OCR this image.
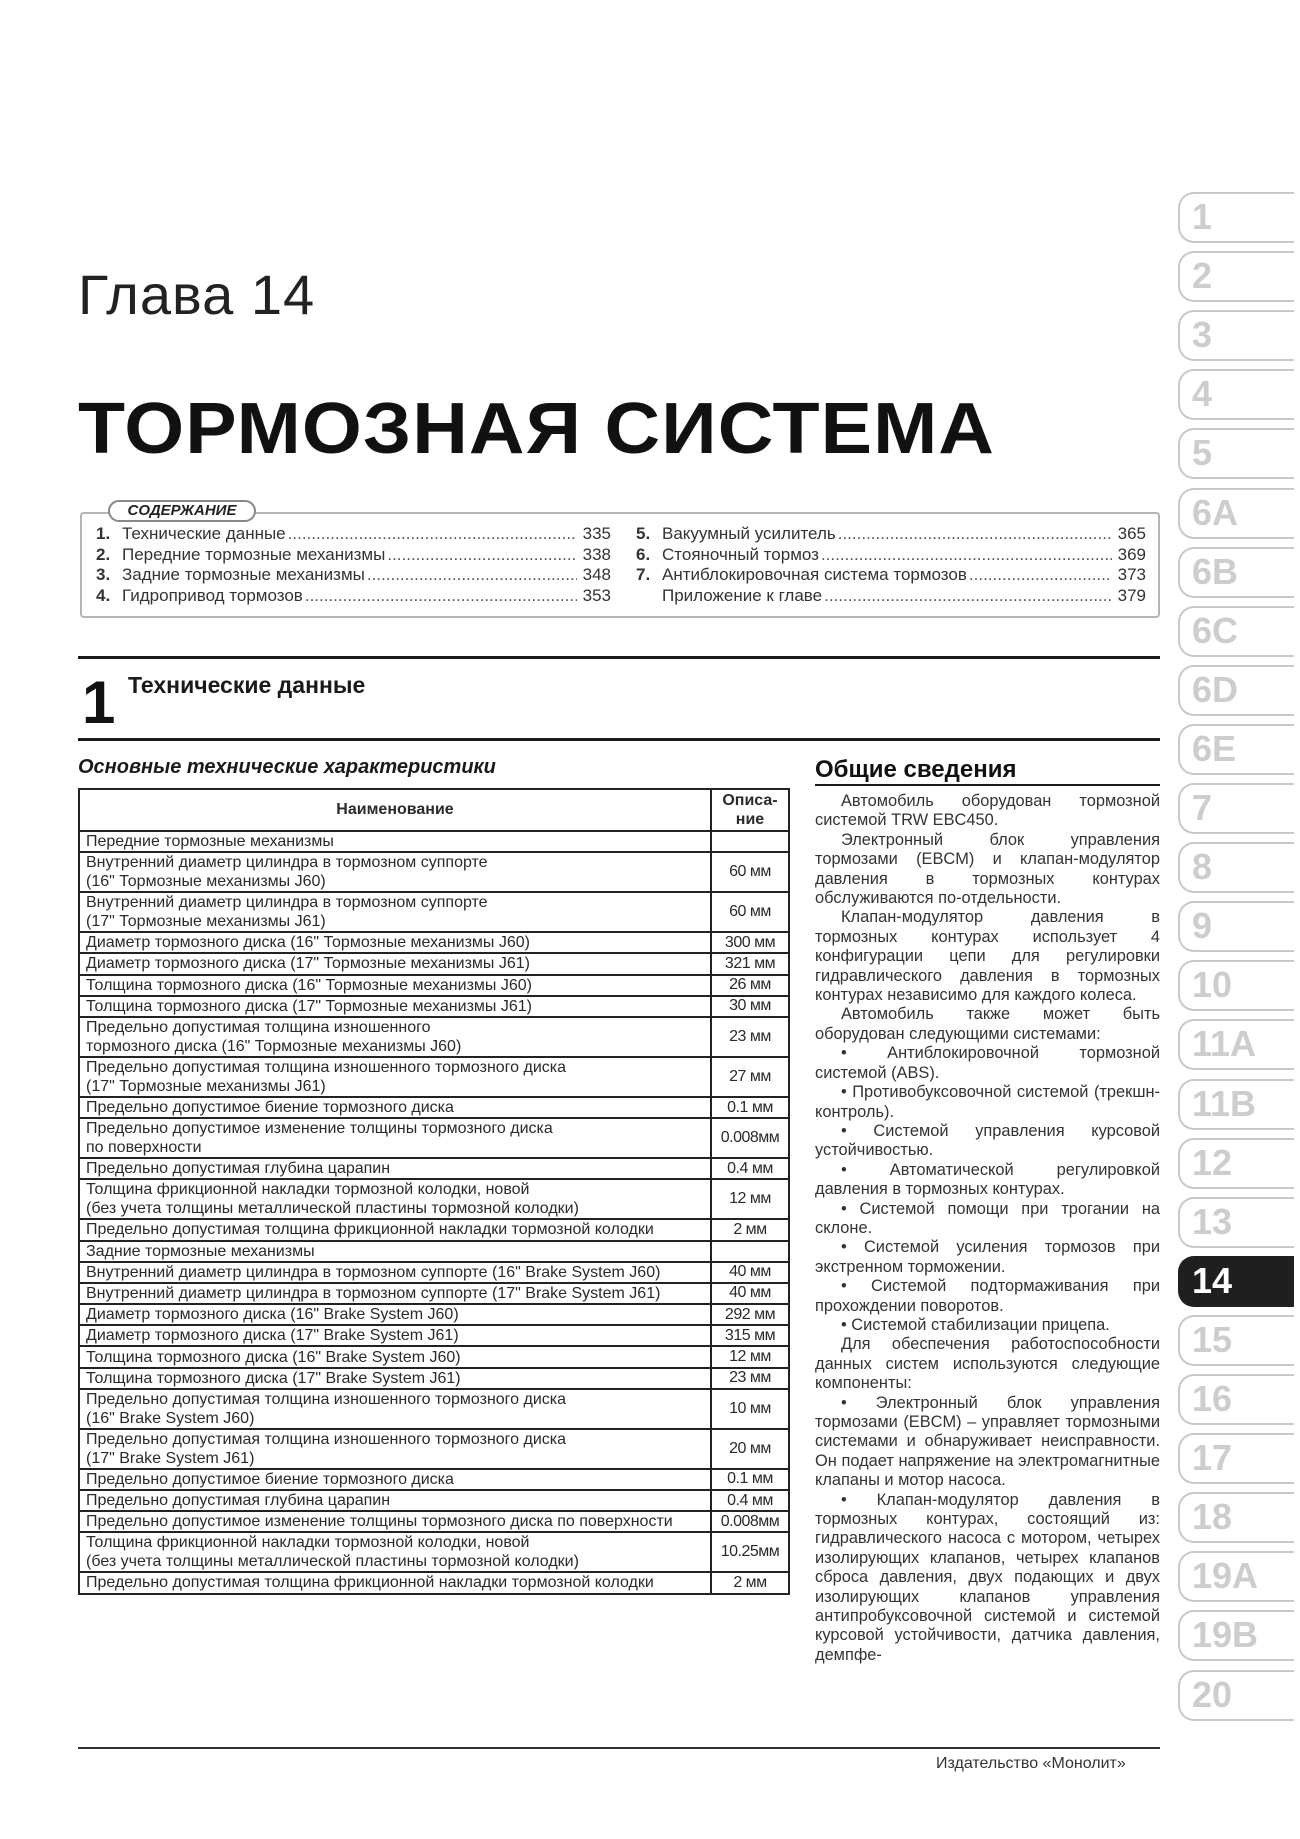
Глава 14
ТОРМОЗНАЯ СИСТЕМА
СОДЕРЖАНИЕ
1. Технические данные .....	335
2. Передние тормозные механизмы .....	338
3. Задние тормозные механизмы .....	348
4. Гидропривод тормозов .....	353
5. Вакуумный усилитель .....	365
6. Стояночный тормоз .....	369
7. Антиблокировочная система тормозов .....	373
Приложение к главе .....	379
1 Технические данные
Основные технические характеристики
Наименование	Описа-ние
Передние тормозные механизмы	
Внутренний диаметр цилиндра в тормозном суппорте
(16" Тормозные механизмы J60)	60 мм
Внутренний диаметр цилиндра в тормозном суппорте
(17" Тормозные механизмы J61)	60 мм
Диаметр тормозного диска (16" Тормозные механизмы J60)	300 мм
Диаметр тормозного диска (17" Тормозные механизмы J61)	321 мм
Толщина тормозного диска (16" Тормозные механизмы J60)	26 мм
Толщина тормозного диска (17" Тормозные механизмы J61)	30 мм
Предельно допустимая толщина изношенного
тормозного диска (16" Тормозные механизмы J60)	23 мм
Предельно допустимая толщина изношенного тормозного диска
(17" Тормозные механизмы J61)	27 мм
Предельно допустимое биение тормозного диска	0.1 мм
Предельно допустимое изменение толщины тормозного диска
по поверхности	0.008мм
Предельно допустимая глубина царапин	0.4 мм
Толщина фрикционной накладки тормозной колодки, новой
(без учета толщины металлической пластины тормозной колодки)	12 мм
Предельно допустимая толщина фрикционной накладки тормозной колодки	2 мм
Задние тормозные механизмы	
Внутренний диаметр цилиндра в тормозном суппорте (16" Brake System J60)	40 мм
Внутренний диаметр цилиндра в тормозном суппорте (17" Brake System J61)	40 мм
Диаметр тормозного диска (16" Brake System J60)	292 мм
Диаметр тормозного диска (17" Brake System J61)	315 мм
Толщина тормозного диска (16" Brake System J60)	12 мм
Толщина тормозного диска (17" Brake System J61)	23 мм
Предельно допустимая толщина изношенного тормозного диска
(16" Brake System J60)	10 мм
Предельно допустимая толщина изношенного тормозного диска
(17" Brake System J61)	20 мм
Предельно допустимое биение тормозного диска	0.1 мм
Предельно допустимая глубина царапин	0.4 мм
Предельно допустимое изменение толщины тормозного диска по поверхности	0.008мм
Толщина фрикционной накладки тормозной колодки, новой
(без учета толщины металлической пластины тормозной колодки)	10.25мм
Предельно допустимая толщина фрикционной накладки тормозной колодки	2 мм
Общие сведения

Автомобиль оборудован тормозной системой TRW EBC450.

Электронный блок управления тормозами (EBCM) и клапан-модулятор давления в тормозных контурах обслуживаются по-отдельности.

Клапан-модулятор давления в тормозных контурах использует 4 конфигурации цепи для регулировки гидравлического давления в тормозных контурах независимо для каждого колеса.

Автомобиль также может быть оборудован следующими системами:

• Антиблокировочной тормозной системой (ABS).

• Противобуксовочной системой (трекшн-контроль).

• Системой управления курсовой устойчивостью.

• Автоматической регулировкой давления в тормозных контурах.

• Системой помощи при трогании на склоне.

• Системой усиления тормозов при экстренном торможении.

• Системой подтормаживания при прохождении поворотов.

• Системой стабилизации прицепа.

Для обеспечения работоспособности данных систем используются следующие компоненты:

• Электронный блок управления тормозами (EBCM) – управляет тормозными системами и обнаруживает неисправности. Он подает напряжение на электромагнитные клапаны и мотор насоса.

• Клапан-модулятор давления в тормозных контурах, состоящий из: гидравлического насоса с мотором, четырех изолирующих клапанов, четырех клапанов сброса давления, двух подающих и двух изолирующих клапанов управления антипробуксовочной системой и системой курсовой устойчивости, датчика давления, демпфе-

Издательство «Монолит»
1
2
3
4
5
6A
6B
6C
6D
6E
7
8
9
10
11A
11B
12
13
14
15
16
17
18
19A
19B
20
